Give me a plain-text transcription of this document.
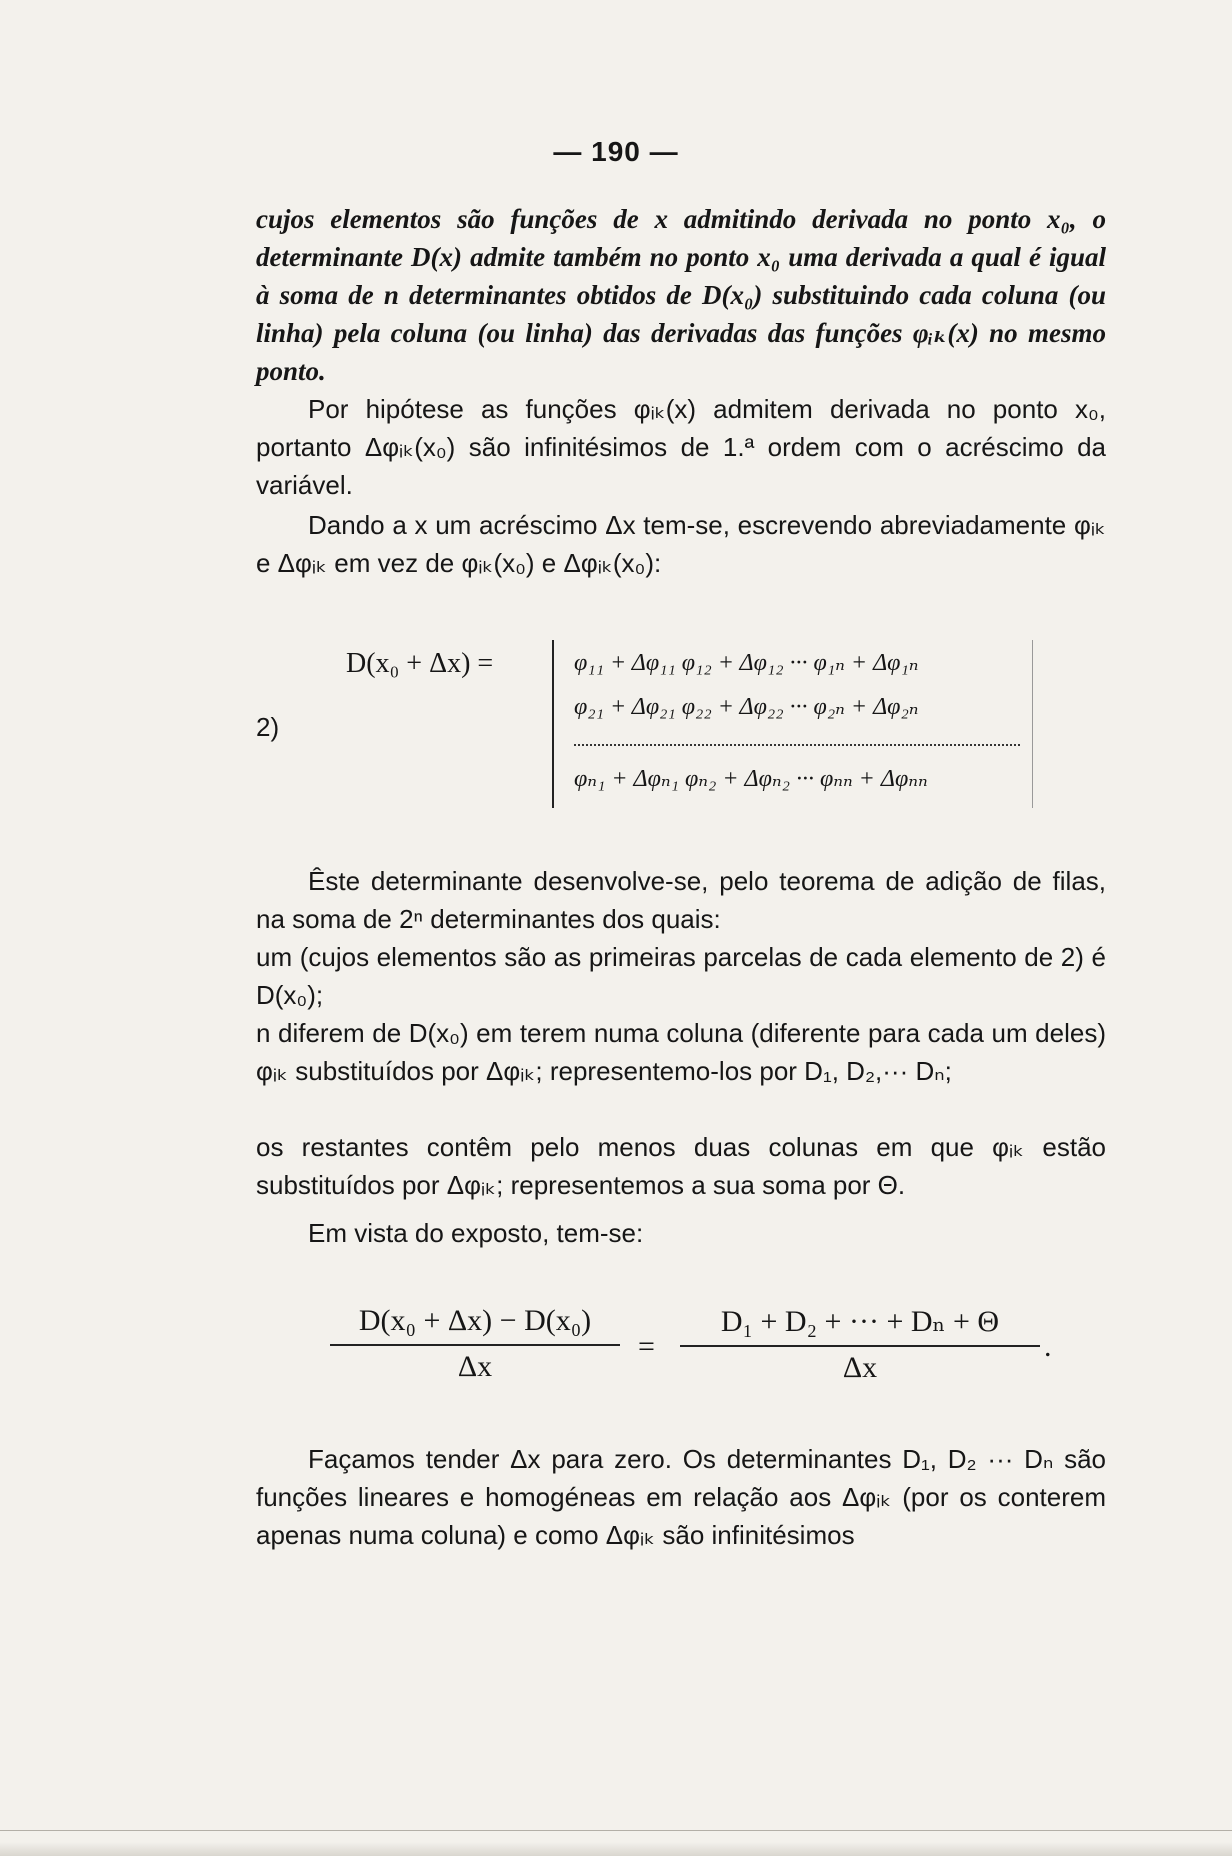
— 190 —

cujos elementos são funções de x admitindo derivada no ponto x₀, o determinante D(x) admite também no ponto x₀ uma derivada a qual é igual à soma de n determinantes obtidos de D(x₀) substituindo cada coluna (ou linha) pela coluna (ou linha) das derivadas das funções φᵢₖ(x) no mesmo ponto.

Por hipótese as funções φᵢₖ(x) admitem derivada no ponto x₀, portanto Δφᵢₖ(x₀) são infinitésimos de 1.ª ordem com o acréscimo da variável.

Dando a x um acréscimo Δx tem-se, escrevendo abreviadamente φᵢₖ e Δφᵢₖ em vez de φᵢₖ(x₀) e Δφᵢₖ(x₀):

2)
D(x₀ + Δx) =	φ₁₁ + Δφ₁₁ φ₁₂ + Δφ₁₂ ··· φ₁ₙ + Δφ₁ₙ
φ₂₁ + Δφ₂₁ φ₂₂ + Δφ₂₂ ··· φ₂ₙ + Δφ₂ₙ
φₙ₁ + Δφₙ₁ φₙ₂ + Δφₙ₂ ··· φₙₙ + Δφₙₙ

Êste determinante desenvolve-se, pelo teorema de adição de filas, na soma de 2ⁿ determinantes dos quais:

um (cujos elementos são as primeiras parcelas de cada elemento de 2) é D(x₀);

n diferem de D(x₀) em terem numa coluna (diferente para cada um deles) φᵢₖ substituídos por Δφᵢₖ; representemo-los por D₁, D₂,··· Dₙ;

os restantes contêm pelo menos duas colunas em que φᵢₖ estão substituídos por Δφᵢₖ; representemos a sua soma por Θ.

Em vista do exposto, tem-se:

D(x₀ + Δx) − D(x₀)
Δx
=
D₁ + D₂ + ··· + Dₙ + Θ
Δx
.

Façamos tender Δx para zero. Os determinantes D₁, D₂ ··· Dₙ são funções lineares e homogéneas em relação aos Δφᵢₖ (por os conterem apenas numa coluna) e como Δφᵢₖ são infinitésimos
